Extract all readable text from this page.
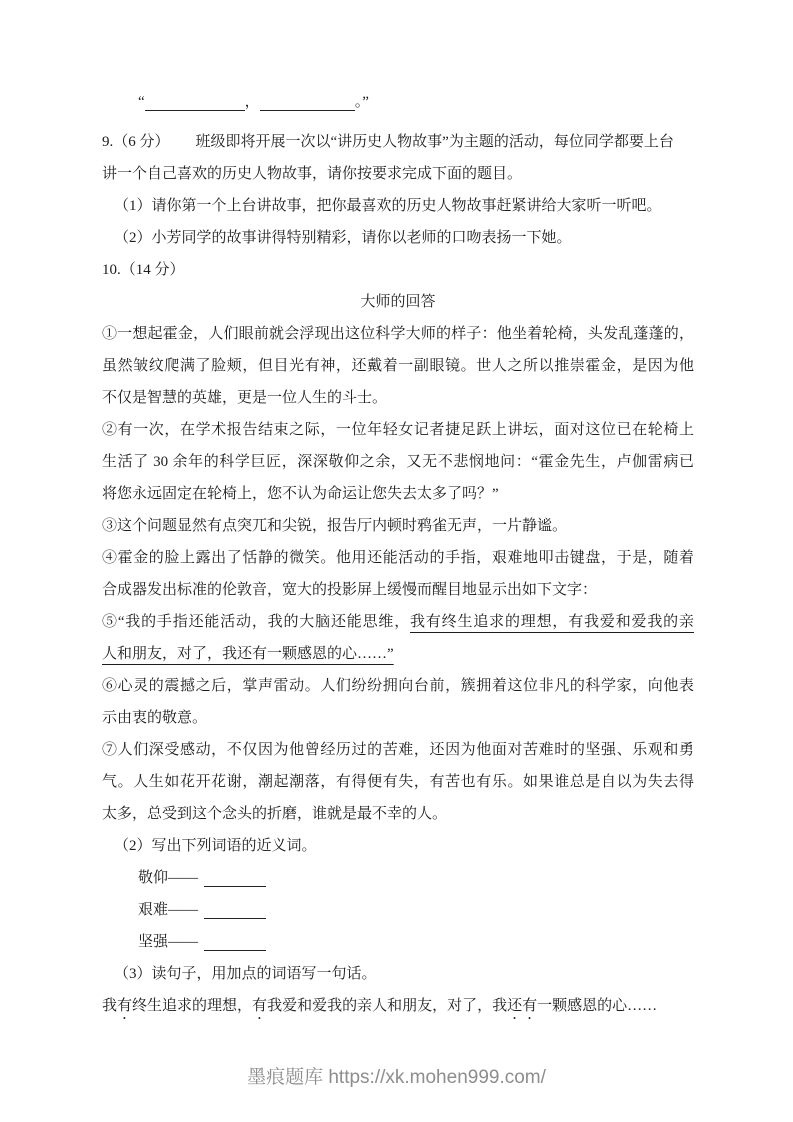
“	，	。”
9.（6 分） 班级即将开展一次以“讲历史人物故事”为主题的活动，每位同学都要上台
讲一个自己喜欢的历史人物故事，请你按要求完成下面的题目。
（1）请你第一个上台讲故事，把你最喜欢的历史人物故事赶紧讲给大家听一听吧。
（2）小芳同学的故事讲得特别精彩，请你以老师的口吻表扬一下她。
10.（14 分）
大师的回答
①一想起霍金，人们眼前就会浮现出这位科学大师的样子：他坐着轮椅，头发乱蓬蓬的，
虽然皱纹爬满了脸颊，但目光有神，还戴着一副眼镜。世人之所以推崇霍金，是因为他
不仅是智慧的英雄，更是一位人生的斗士。
②有一次，在学术报告结束之际，一位年轻女记者捷足跃上讲坛，面对这位已在轮椅上
生活了 30 余年的科学巨匠，深深敬仰之余，又无不悲悯地问：“霍金先生，卢伽雷病已
将您永远固定在轮椅上，您不认为命运让您失去太多了吗？”
③这个问题显然有点突兀和尖锐，报告厅内顿时鸦雀无声，一片静谧。
④霍金的脸上露出了恬静的微笑。他用还能活动的手指，艰难地叩击键盘，于是，随着
合成器发出标准的伦敦音，宽大的投影屏上缓慢而醒目地显示出如下文字：
⑤“我的手指还能活动，我的大脑还能思维，我有终生追求的理想，有我爱和爱我的亲
人和朋友，对了，我还有一颗感恩的心……”
⑥心灵的震撼之后，掌声雷动。人们纷纷拥向台前，簇拥着这位非凡的科学家，向他表
示由衷的敬意。
⑦人们深受感动，不仅因为他曾经历过的苦难，还因为他面对苦难时的坚强、乐观和勇
气。人生如花开花谢，潮起潮落，有得便有失，有苦也有乐。如果谁总是自以为失去得
太多，总受到这个念头的折磨，谁就是最不幸的人。
（2）写出下列词语的近义词。
敬仰——
艰难——
坚强——
（3）读句子，用加点的词语写一句话。
我有终生追求的理想，有我爱和爱我的亲人和朋友，对了，我还有一颗感恩的心……
墨痕题库 https://xk.mohen999.com/
